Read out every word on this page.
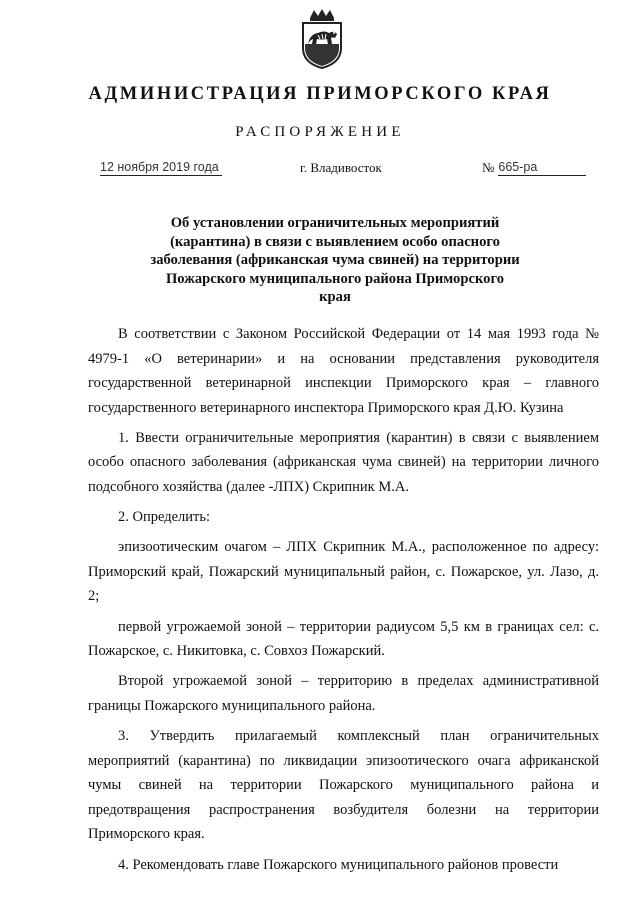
АДМИНИСТРАЦИЯ ПРИМОРСКОГО КРАЯ
РАСПОРЯЖЕНИЕ
12 ноября 2019 года	г. Владивосток	№ 665-ра
Об установлении ограничительных мероприятий (карантина) в связи с выявлением особо опасного заболевания (африканская чума свиней) на территории Пожарского муниципального района Приморского края

В соответствии с Законом Российской Федерации от 14 мая 1993 года № 4979-1 «О ветеринарии» и на основании представления руководителя государственной ветеринарной инспекции Приморского края – главного государственного ветеринарного инспектора Приморского края Д.Ю. Кузина

1. Ввести ограничительные мероприятия (карантин) в связи с выявлением особо опасного заболевания (африканская чума свиней) на территории личного подсобного хозяйства (далее -ЛПХ) Скрипник М.А.

2. Определить:

эпизоотическим очагом – ЛПХ Скрипник М.А., расположенное по адресу: Приморский край, Пожарский муниципальный район, с. Пожарское, ул. Лазо, д. 2;

первой угрожаемой зоной – территории радиусом 5,5 км в границах сел: с. Пожарское, с. Никитовка, с. Совхоз Пожарский.

Второй угрожаемой зоной – территорию в пределах административной границы Пожарского муниципального района.

3. Утвердить прилагаемый комплексный план ограничительных мероприятий (карантина) по ликвидации эпизоотического очага африканской чумы свиней на территории Пожарского муниципального района и предотвращения распространения возбудителя болезни на территории Приморского края.

4. Рекомендовать главе Пожарского муниципального районов провести
